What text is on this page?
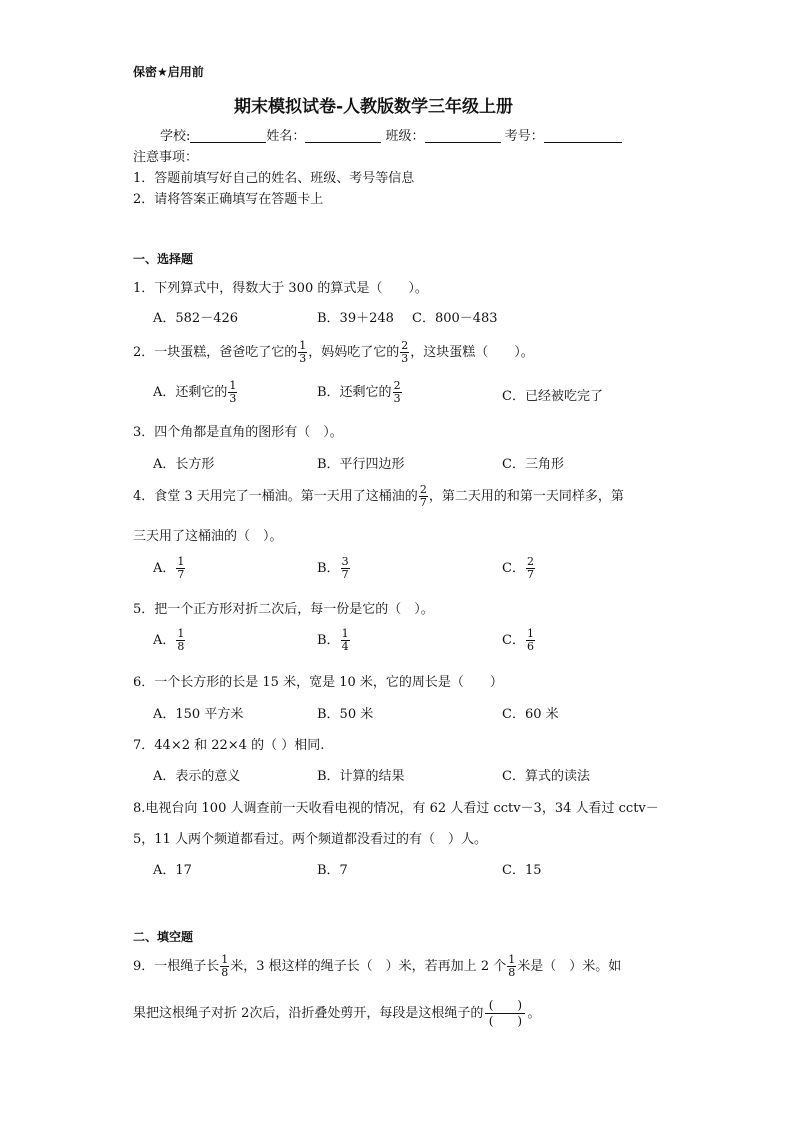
保密★启用前
期末模拟试卷-人教版数学三年级上册
学校:	姓名：	班级：	考号：
注意事项：
1．答题前填写好自己的姓名、班级、考号等信息
2．请将答案正确填写在答题卡上
一、选择题
1．下列算式中，得数大于 300 的算式是（　　）。
A．582－426	B．39＋248 C．800－483
2．一块蛋糕，爸爸吃了它的 $\frac{1}{3}$ ，妈妈吃了它的 $\frac{2}{3}$ ，这块蛋糕（　　）。
A．还剩它的 $\frac{1}{3}$	B．还剩它的 $\frac{2}{3}$	C．已经被吃完了
3．四个角都是直角的图形有（　）。
A．长方形	B．平行四边形	C．三角形
4．食堂 3 天用完了一桶油。第一天用了这桶油的 $\frac{2}{7}$ ，第二天用的和第一天同样多，第
三天用了这桶油的（　）。
A． $\frac{1}{7}$	B． $\frac{3}{7}$	C． $\frac{2}{7}$
5．把一个正方形对折二次后，每一份是它的（　）。
A． $\frac{1}{8}$	B． $\frac{1}{4}$	C． $\frac{1}{6}$
6．一个长方形的长是 15 米，宽是 10 米，它的周长是（　　）
A．150 平方米	B．50 米	C．60 米
7．44×2 和 22×4 的（ ）相同.
A．表示的意义	B．计算的结果	C．算式的读法
8.电视台向 100 人调查前一天收看电视的情况，有 62 人看过 cctv－3，34 人看过 cctv－
5，11 人两个频道都看过。两个频道都没看过的有（　）人。
A．17	B．7	C．15
二、填空题
9．一根绳子长 $\frac{1}{8}$ 米，3 根这样的绳子长（　）米，若再加上 2 个 $\frac{1}{8}$ 米是（　）米。如
果把这根绳子对折 2次后，沿折叠处剪开，每段是这根绳子的 $\frac{( )}{( )}$ 。
